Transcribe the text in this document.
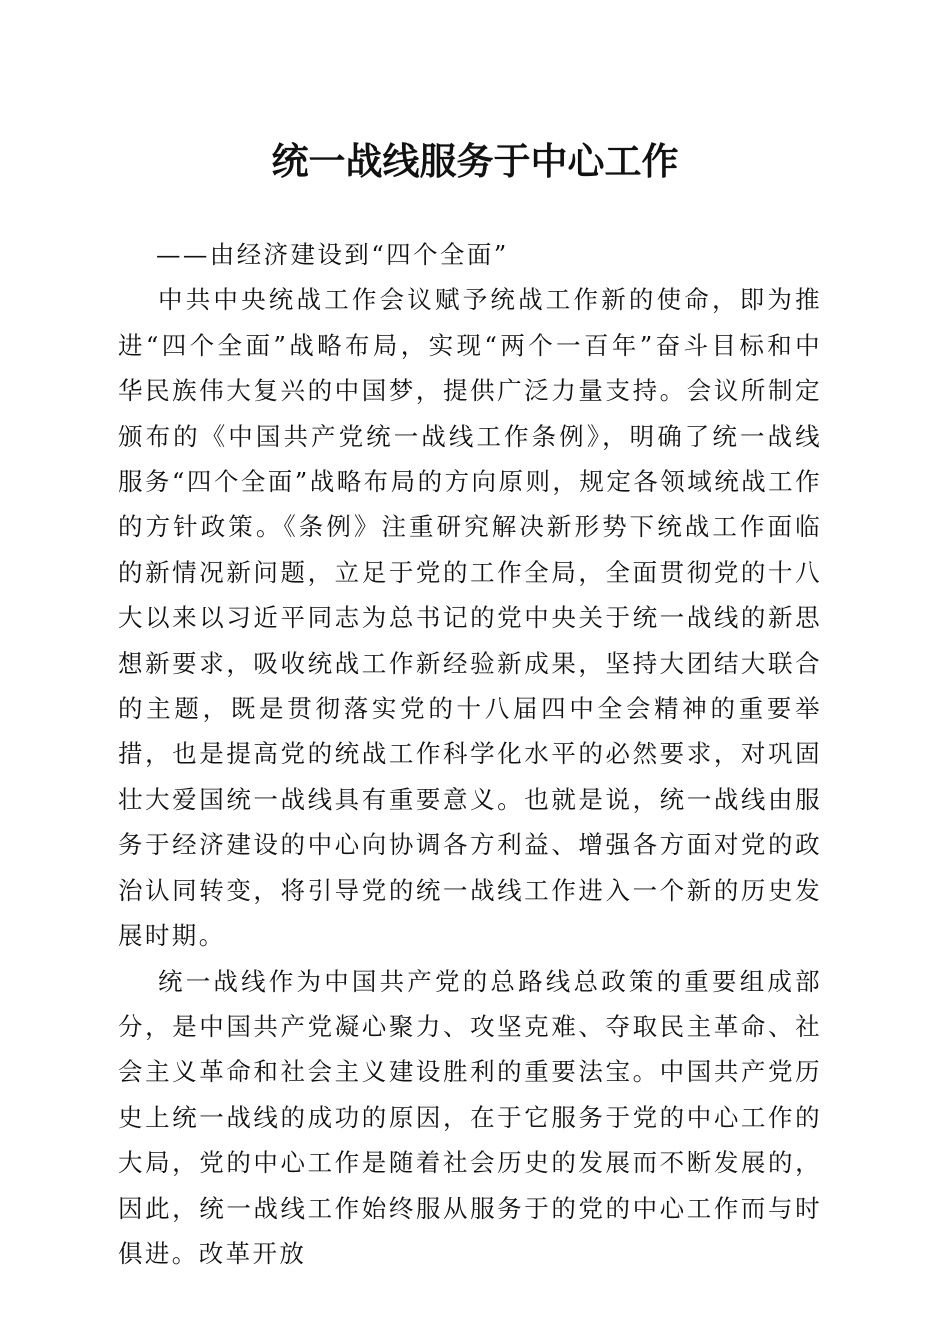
统一战线服务于中心工作

——由经济建设到“四个全面”

中共中央统战工作会议赋予统战工作新的使命，即为推进“四个全面”战略布局，实现“两个一百年”奋斗目标和中华民族伟大复兴的中国梦，提供广泛力量支持。会议所制定颁布的《中国共产党统一战线工作条例》，明确了统一战线服务“四个全面”战略布局的方向原则，规定各领域统战工作的方针政策。《条例》注重研究解决新形势下统战工作面临的新情况新问题，立足于党的工作全局，全面贯彻党的十八大以来以习近平同志为总书记的党中央关于统一战线的新思想新要求，吸收统战工作新经验新成果，坚持大团结大联合的主题，既是贯彻落实党的十八届四中全会精神的重要举措，也是提高党的统战工作科学化水平的必然要求，对巩固壮大爱国统一战线具有重要意义。也就是说，统一战线由服务于经济建设的中心向协调各方利益、增强各方面对党的政治认同转变，将引导党的统一战线工作进入一个新的历史发展时期。

统一战线作为中国共产党的总路线总政策的重要组成部分，是中国共产党凝心聚力、攻坚克难、夺取民主革命、社会主义革命和社会主义建设胜利的重要法宝。中国共产党历史上统一战线的成功的原因，在于它服务于党的中心工作的大局，党的中心工作是随着社会历史的发展而不断发展的，因此，统一战线工作始终服从服务于的党的中心工作而与时俱进。改革开放
